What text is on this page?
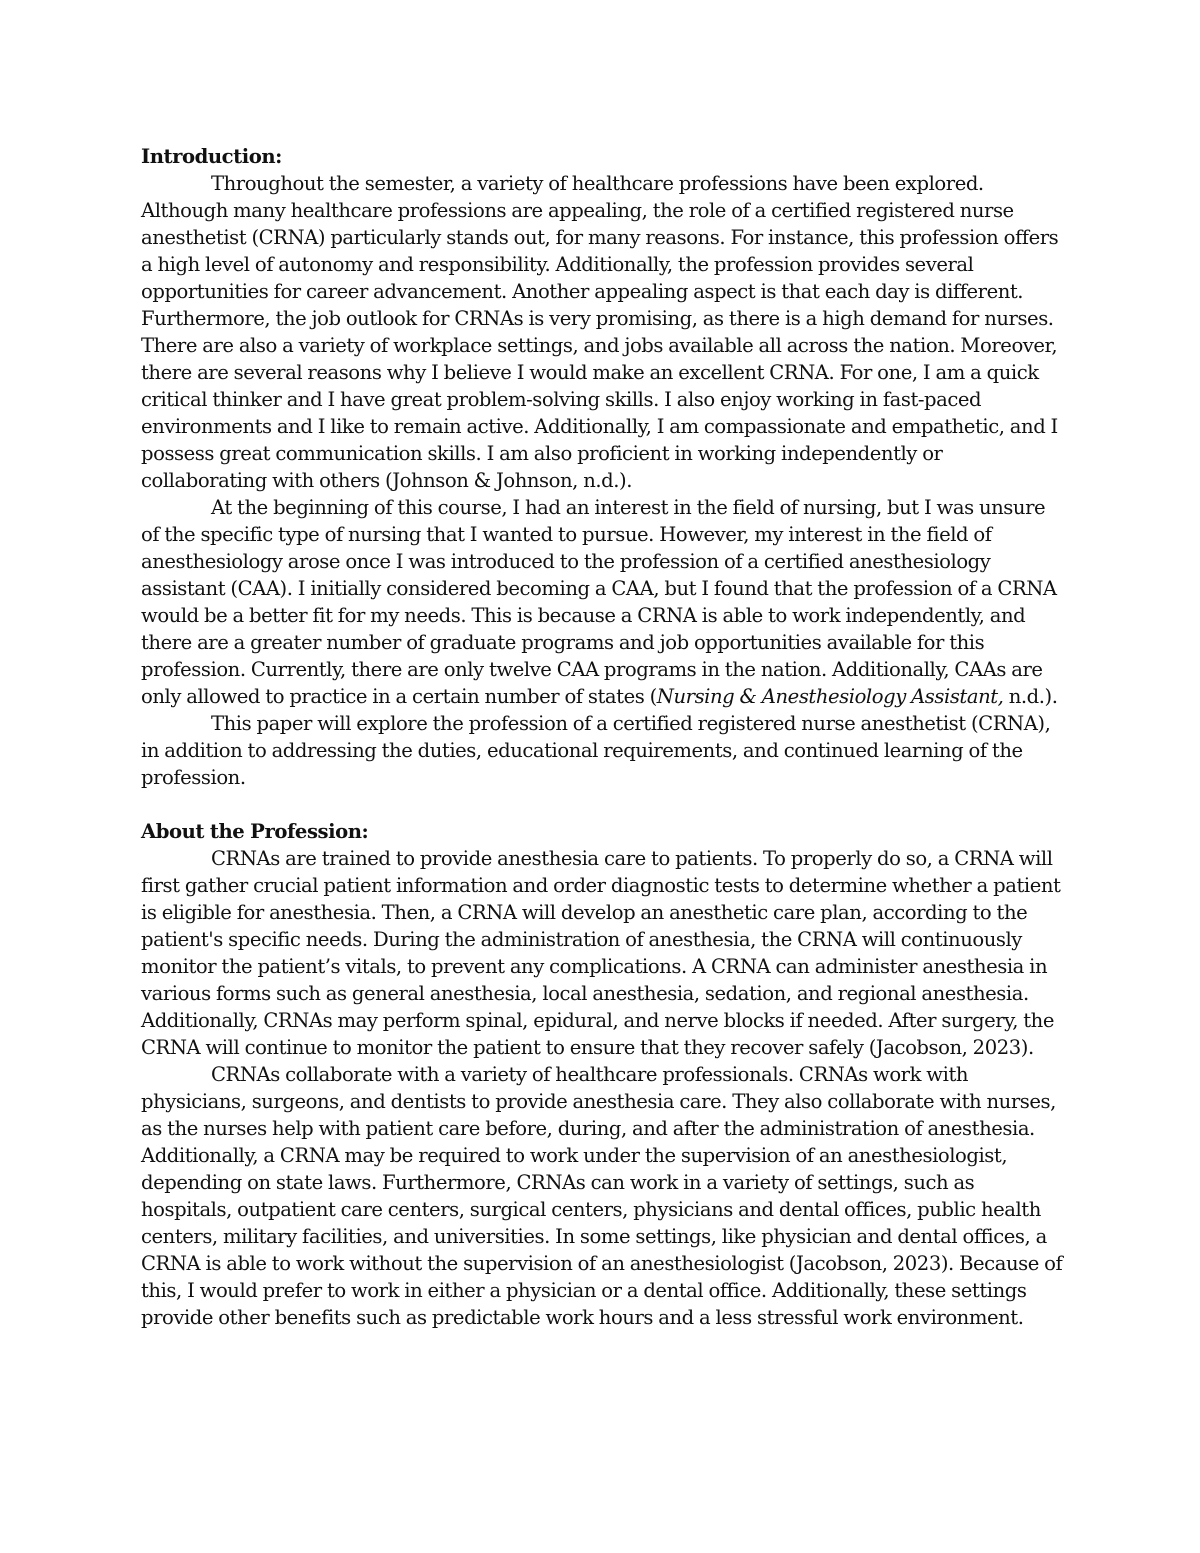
Introduction:

Throughout the semester, a variety of healthcare professions have been explored. Although many healthcare professions are appealing, the role of a certified registered nurse anesthetist (CRNA) particularly stands out, for many reasons. For instance, this profession offers a high level of autonomy and responsibility. Additionally, the profession provides several opportunities for career advancement. Another appealing aspect is that each day is different. Furthermore, the job outlook for CRNAs is very promising, as there is a high demand for nurses. There are also a variety of workplace settings, and jobs available all across the nation. Moreover, there are several reasons why I believe I would make an excellent CRNA. For one, I am a quick critical thinker and I have great problem-solving skills. I also enjoy working in fast-paced environments and I like to remain active. Additionally, I am compassionate and empathetic, and I possess great communication skills. I am also proficient in working independently or collaborating with others (Johnson & Johnson, n.d.).

At the beginning of this course, I had an interest in the field of nursing, but I was unsure of the specific type of nursing that I wanted to pursue. However, my interest in the field of anesthesiology arose once I was introduced to the profession of a certified anesthesiology assistant (CAA). I initially considered becoming a CAA, but I found that the profession of a CRNA would be a better fit for my needs. This is because a CRNA is able to work independently, and there are a greater number of graduate programs and job opportunities available for this profession. Currently, there are only twelve CAA programs in the nation. Additionally, CAAs are only allowed to practice in a certain number of states (Nursing & Anesthesiology Assistant, n.d.).

This paper will explore the profession of a certified registered nurse anesthetist (CRNA), in addition to addressing the duties, educational requirements, and continued learning of the profession.

About the Profession:

CRNAs are trained to provide anesthesia care to patients. To properly do so, a CRNA will first gather crucial patient information and order diagnostic tests to determine whether a patient is eligible for anesthesia. Then, a CRNA will develop an anesthetic care plan, according to the patient's specific needs. During the administration of anesthesia, the CRNA will continuously monitor the patient’s vitals, to prevent any complications. A CRNA can administer anesthesia in various forms such as general anesthesia, local anesthesia, sedation, and regional anesthesia. Additionally, CRNAs may perform spinal, epidural, and nerve blocks if needed. After surgery, the CRNA will continue to monitor the patient to ensure that they recover safely (Jacobson, 2023).

CRNAs collaborate with a variety of healthcare professionals. CRNAs work with physicians, surgeons, and dentists to provide anesthesia care. They also collaborate with nurses, as the nurses help with patient care before, during, and after the administration of anesthesia. Additionally, a CRNA may be required to work under the supervision of an anesthesiologist, depending on state laws. Furthermore, CRNAs can work in a variety of settings, such as hospitals, outpatient care centers, surgical centers, physicians and dental offices, public health centers, military facilities, and universities. In some settings, like physician and dental offices, a CRNA is able to work without the supervision of an anesthesiologist (Jacobson, 2023). Because of this, I would prefer to work in either a physician or a dental office. Additionally, these settings provide other benefits such as predictable work hours and a less stressful work environment.
